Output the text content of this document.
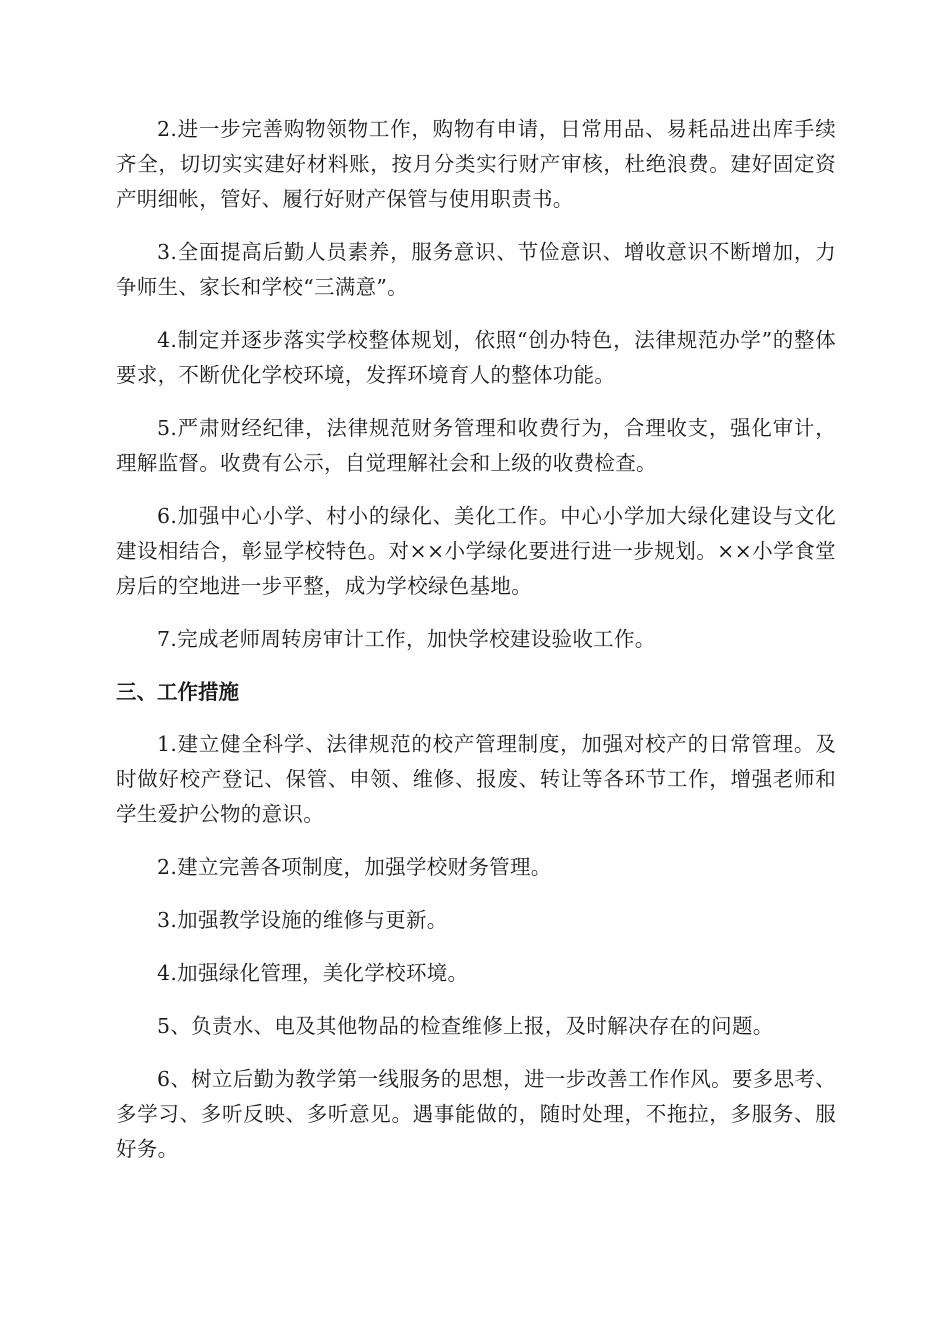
2.进一步完善购物领物工作，购物有申请，日常用品、易耗品进出库手续齐全，切切实实建好材料账，按月分类实行财产审核，杜绝浪费。建好固定资产明细帐，管好、履行好财产保管与使用职责书。

3.全面提高后勤人员素养，服务意识、节俭意识、增收意识不断增加，力争师生、家长和学校“三满意”。

4.制定并逐步落实学校整体规划，依照“创办特色，法律规范办学”的整体要求，不断优化学校环境，发挥环境育人的整体功能。

5.严肃财经纪律，法律规范财务管理和收费行为，合理收支，强化审计，理解监督。收费有公示，自觉理解社会和上级的收费检查。

6.加强中心小学、村小的绿化、美化工作。中心小学加大绿化建设与文化建设相结合，彰显学校特色。对××小学绿化要进行进一步规划。××小学食堂房后的空地进一步平整，成为学校绿色基地。

7.完成老师周转房审计工作，加快学校建设验收工作。

三、工作措施

1.建立健全科学、法律规范的校产管理制度，加强对校产的日常管理。及时做好校产登记、保管、申领、维修、报废、转让等各环节工作，增强老师和学生爱护公物的意识。

2.建立完善各项制度，加强学校财务管理。

3.加强教学设施的维修与更新。

4.加强绿化管理，美化学校环境。

5、负责水、电及其他物品的检查维修上报，及时解决存在的问题。

6、树立后勤为教学第一线服务的思想，进一步改善工作作风。要多思考、多学习、多听反映、多听意见。遇事能做的，随时处理，不拖拉，多服务、服好务。
